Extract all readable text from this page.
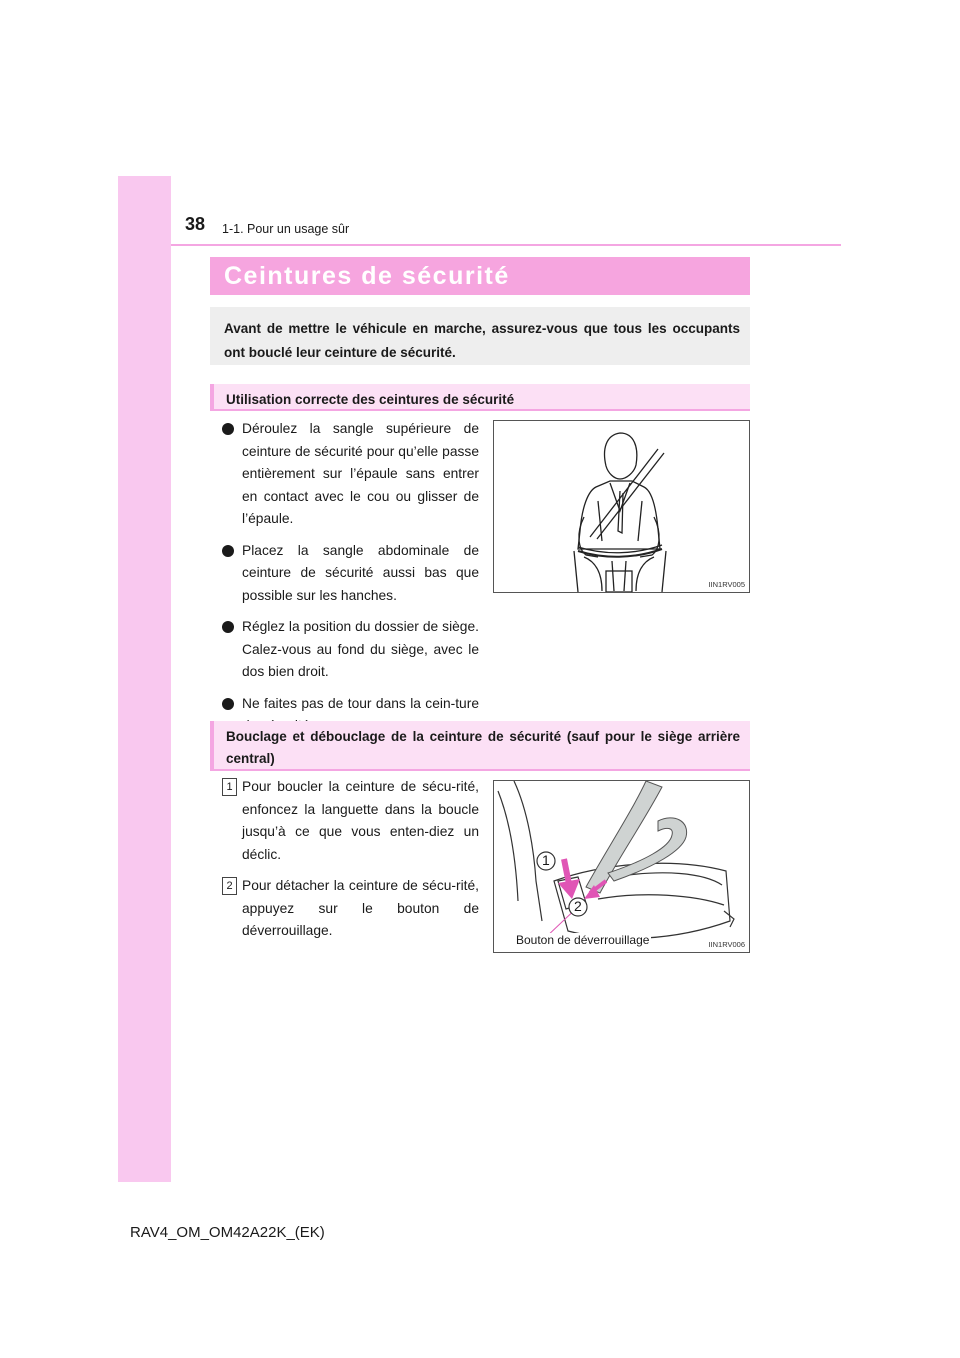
38 1-1. Pour un usage sûr
Ceintures de sécurité
Avant de mettre le véhicule en marche, assurez-vous que tous les occupants ont bouclé leur ceinture de sécurité.
Utilisation correcte des ceintures de sécurité
Déroulez la sangle supérieure de ceinture de sécurité pour qu’elle passe entièrement sur l’épaule sans entrer en contact avec le cou ou glisser de l’épaule.
Placez la sangle abdominale de ceinture de sécurité aussi bas que possible sur les hanches.
Réglez la position du dossier de siège. Calez-vous au fond du siège, avec le dos bien droit.
Ne faites pas de tour dans la cein-ture
IIN1RV005
Bouclage et débouclage de la ceinture de sécurité (sauf pour le siège arrière central)
1 Pour boucler la ceinture de sécu-rité, enfoncez la languette dans la boucle jusqu’à ce que vous enten-diez un déclic.
2 Pour détacher la ceinture de sécu-rité, appuyez sur le bouton de déverrouillage.
1
2
Bouton de déverrouillage	IIN1RV006
RAV4_OM_OM42A22K_(EK)
